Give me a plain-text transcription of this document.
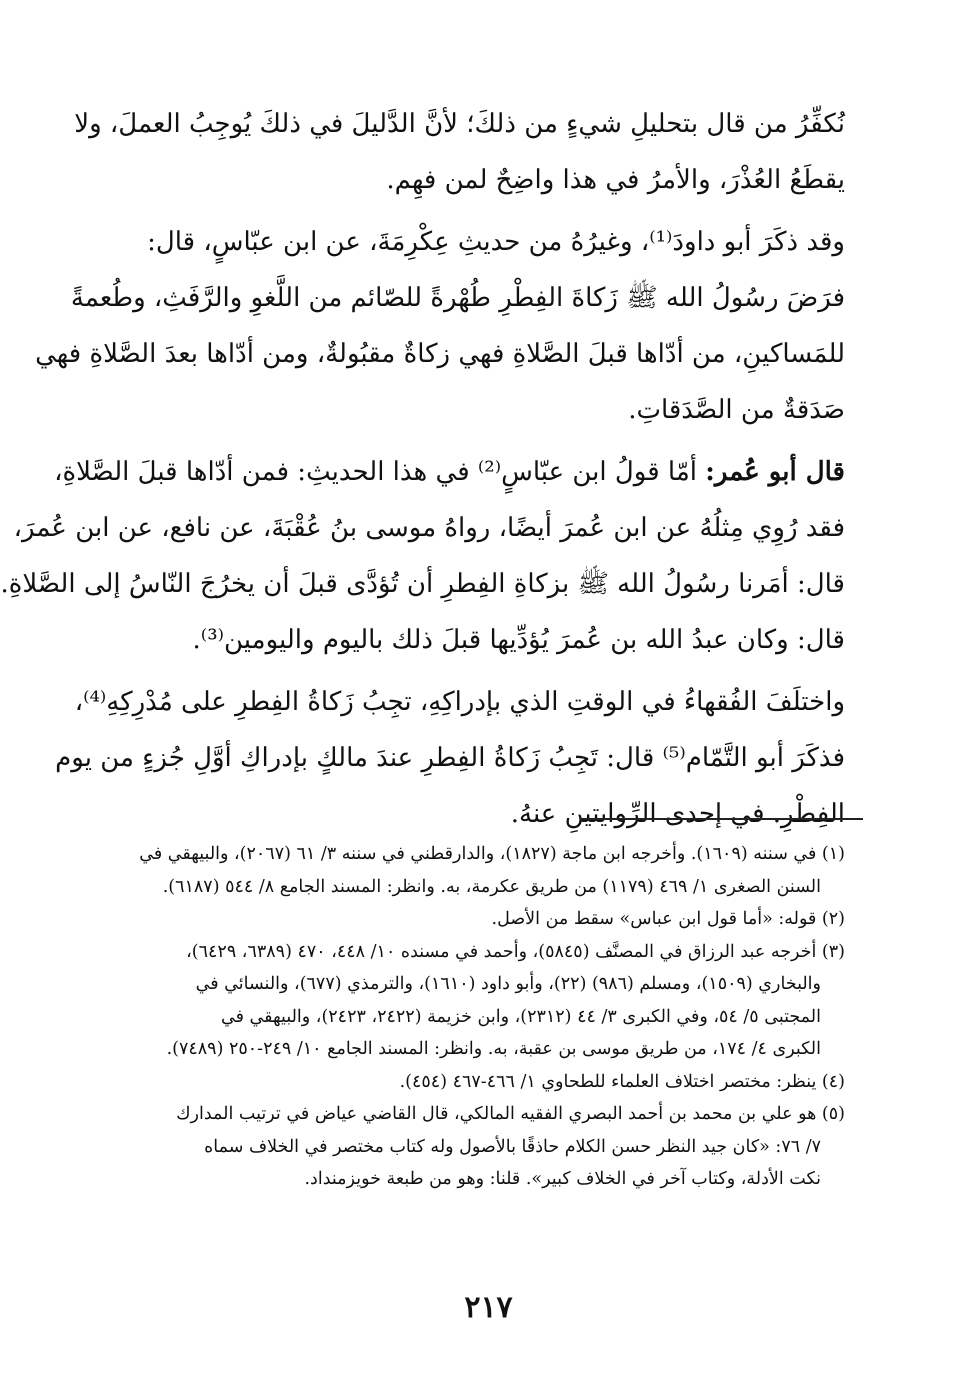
نُكفِّرُ من قال بتحليلِ شيءٍ من ذلكَ؛ لأنَّ الدَّليلَ في ذلكَ يُوجِبُ العملَ، ولا
يقطَعُ العُذْرَ، والأمرُ في هذا واضِحٌ لمن فهِم.
وقد ذكَرَ أبو داودَ⁽¹⁾، وغيرُهُ من حديثِ عِكْرِمَةَ، عن ابن عبّاسٍ، قال:
فرَضَ رسُولُ الله ﷺ زَكاةَ الفِطْرِ طُهْرةً للصّائم من اللَّغوِ والرَّفَثِ، وطُعمةً
للمَساكينِ، من أدّاها قبلَ الصَّلاةِ فهي زكاةٌ مقبُولةٌ، ومن أدّاها بعدَ الصَّلاةِ فهي
صَدَقةٌ من الصَّدَقاتِ.
قال أبو عُمر: أمّا قولُ ابن عبّاسٍ⁽²⁾ في هذا الحديثِ: فمن أدّاها قبلَ الصَّلاةِ،
فقد رُوِي مِثلُهُ عن ابن عُمرَ أيضًا، رواهُ موسى بنُ عُقْبَةَ، عن نافع، عن ابن عُمرَ،
قال: أمَرنا رسُولُ الله ﷺ بزكاةِ الفِطرِ أن تُؤدَّى قبلَ أن يخرُجَ النّاسُ إلى الصَّلاةِ.
قال: وكان عبدُ الله بن عُمرَ يُؤدِّيها قبلَ ذلك باليوم واليومين⁽³⁾.
واختلَفَ الفُقهاءُ في الوقتِ الذي بإدراكِهِ، تجِبُ زَكاةُ الفِطرِ على مُدْرِكِهِ⁽⁴⁾،
فذكَرَ أبو التَّمّام⁽⁵⁾ قال: تَجِبُ زَكاةُ الفِطرِ عندَ مالكٍ بإدراكِ أوَّلِ جُزءٍ من يوم
الفِطْرِ. في إحدى الرِّوايتينِ عنهُ.
(١) في سننه (١٦٠٩). وأخرجه ابن ماجة (١٨٢٧)، والدارقطني في سننه ٣/ ٦١ (٢٠٦٧)، والبيهقي في
السنن الصغرى ١/ ٤٦٩ (١١٧٩) من طريق عكرمة، به. وانظر: المسند الجامع ٨/ ٥٤٤ (٦١٨٧).
(٢) قوله: «أما قول ابن عباس» سقط من الأصل.
(٣) أخرجه عبد الرزاق في المصنَّف (٥٨٤٥)، وأحمد في مسنده ١٠/ ٤٤٨، ٤٧٠ (٦٣٨٩، ٦٤٢٩)،
والبخاري (١٥٠٩)، ومسلم (٩٨٦) (٢٢)، وأبو داود (١٦١٠)، والترمذي (٦٧٧)، والنسائي في
المجتبى ٥/ ٥٤، وفي الكبرى ٣/ ٤٤ (٢٣١٢)، وابن خزيمة (٢٤٢٢، ٢٤٢٣)، والبيهقي في
الكبرى ٤/ ١٧٤، من طريق موسى بن عقبة، به. وانظر: المسند الجامع ١٠/ ٢٤٩-٢٥٠ (٧٤٨٩).
(٤) ينظر: مختصر اختلاف العلماء للطحاوي ١/ ٤٦٦-٤٦٧ (٤٥٤).
(٥) هو علي بن محمد بن أحمد البصري الفقيه المالكي، قال القاضي عياض في ترتيب المدارك
٧/ ٧٦: «كان جيد النظر حسن الكلام حاذقًا بالأصول وله كتاب مختصر في الخلاف سماه
نكت الأدلة، وكتاب آخر في الخلاف كبير». قلنا: وهو من طبعة خويزمنداد.
٢١٧
